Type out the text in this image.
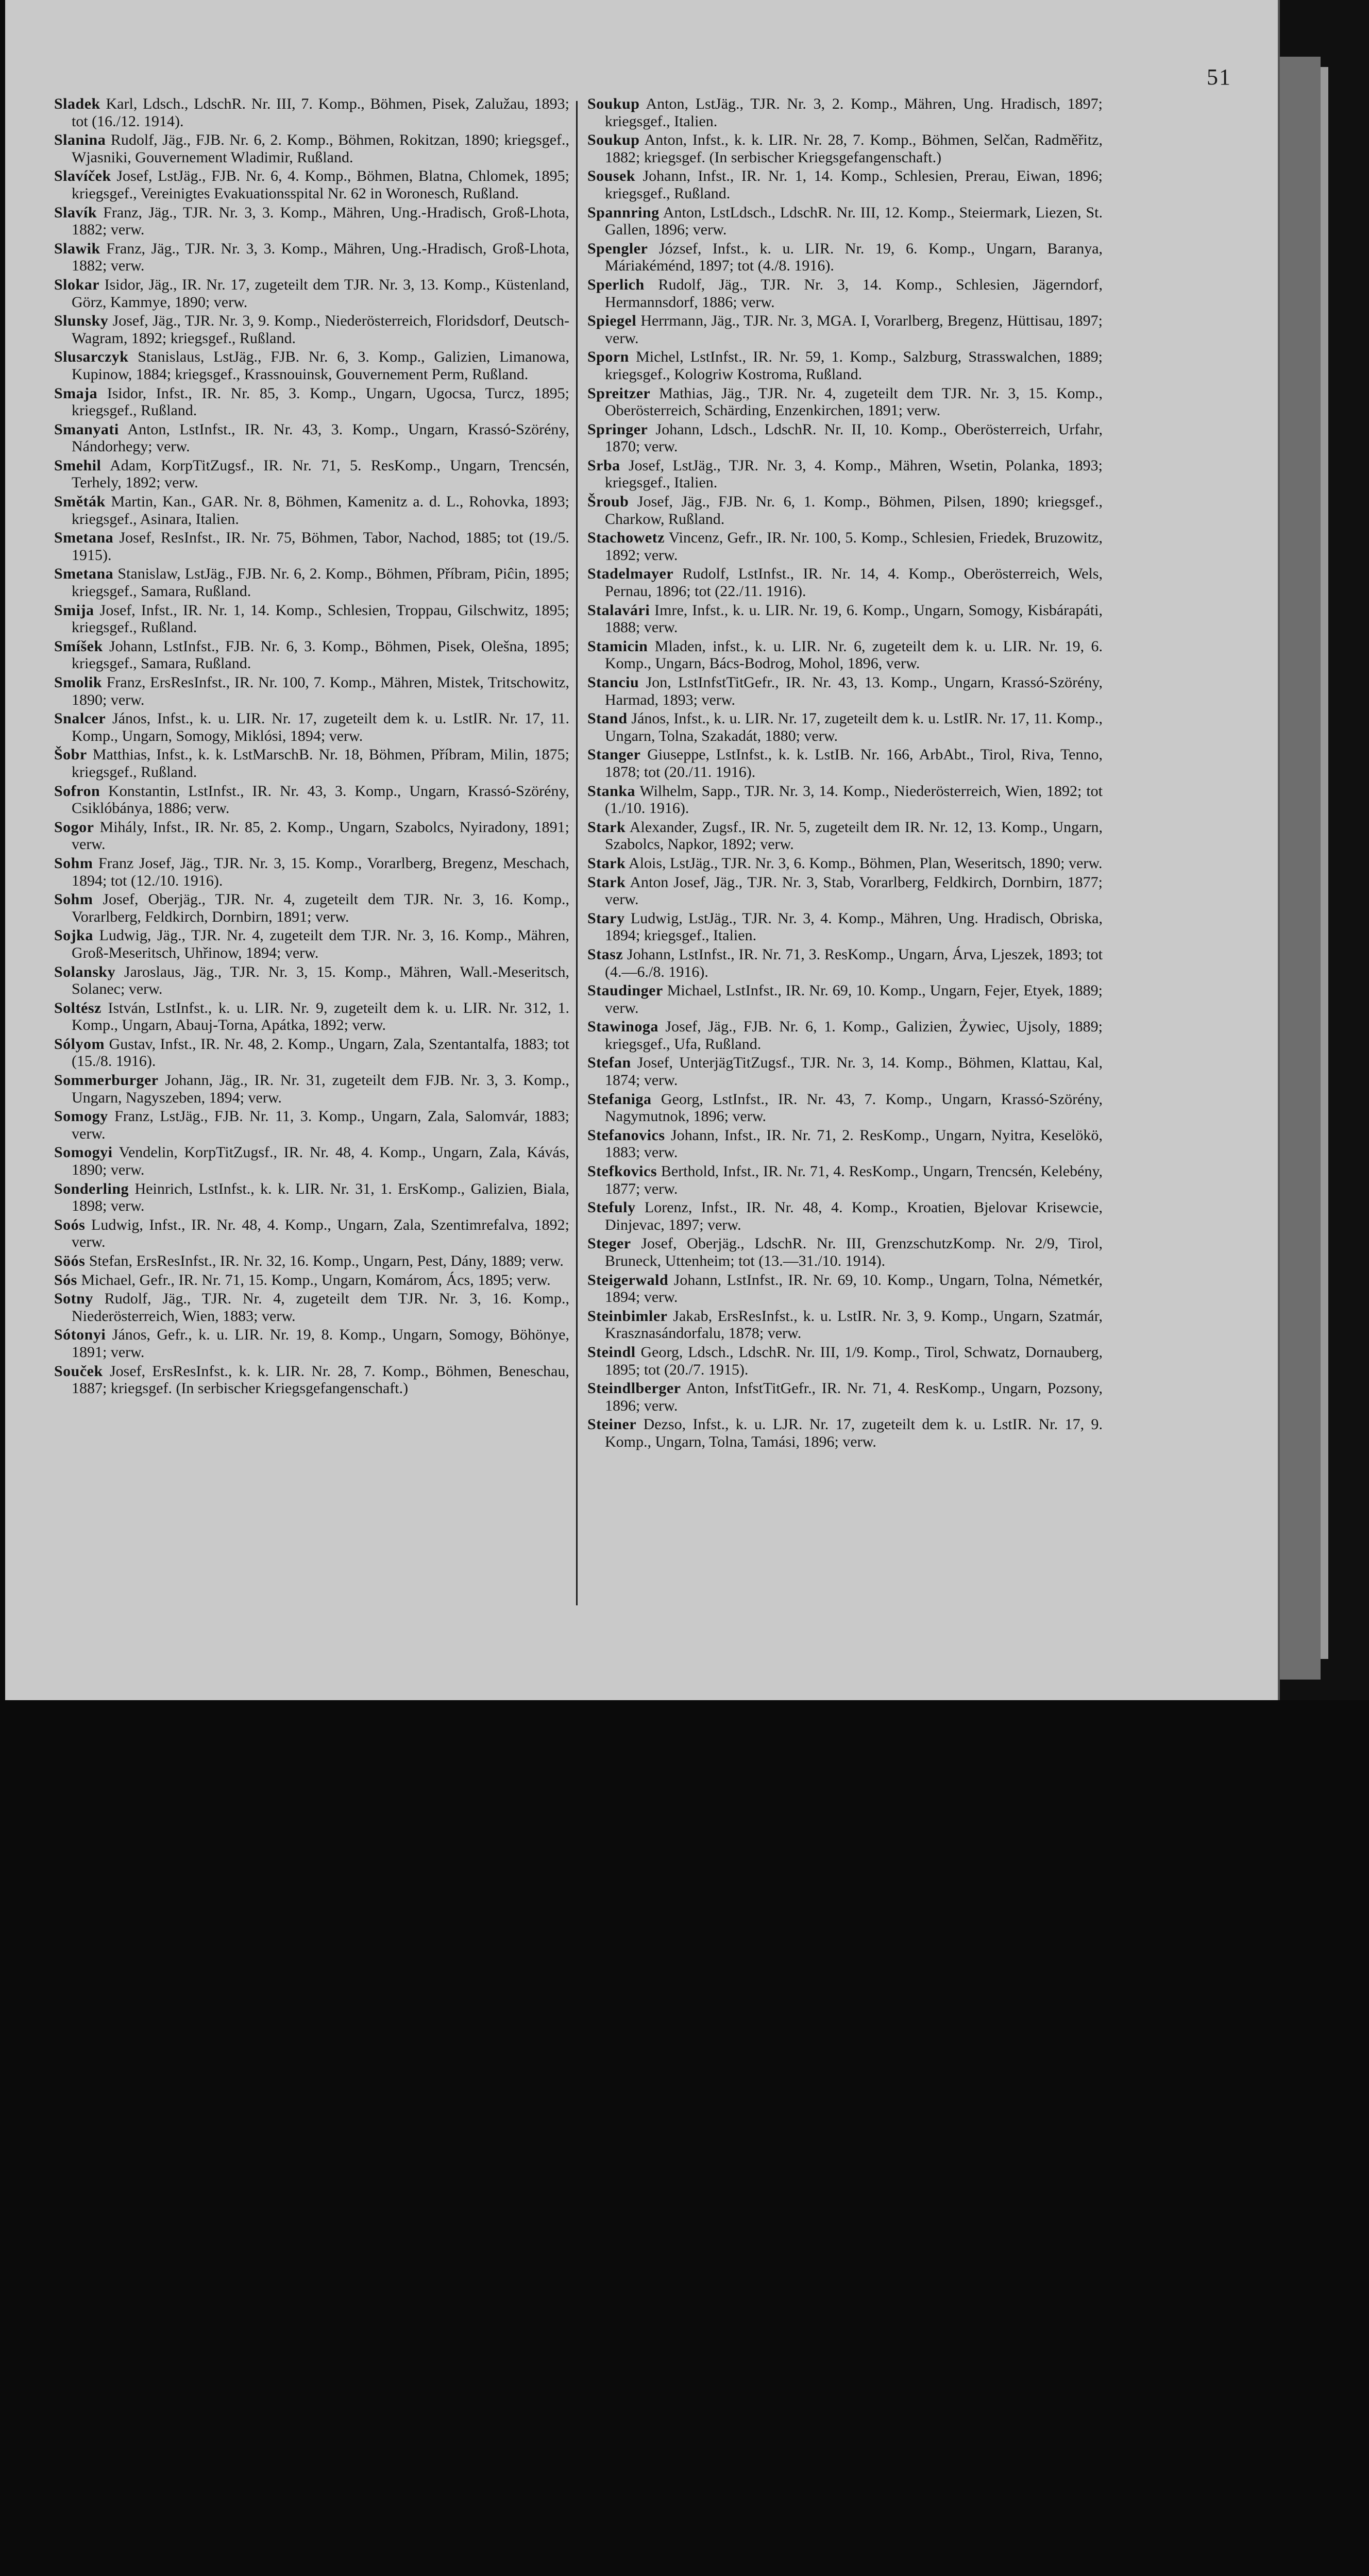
51

Sladek Karl, Ldsch., LdschR. Nr. III, 7. Komp., Böhmen, Pisek, Zalužau, 1893; tot (16./12. 1914).

Slanina Rudolf, Jäg., FJB. Nr. 6, 2. Komp., Böhmen, Rokitzan, 1890; kriegsgef., Wjasniki, Gouvernement Wladimir, Rußland.

Slavíček Josef, LstJäg., FJB. Nr. 6, 4. Komp., Böhmen, Blatna, Chlomek, 1895; kriegsgef., Vereinigtes Evakuationsspital Nr. 62 in Woronesch, Rußland.

Slavík Franz, Jäg., TJR. Nr. 3, 3. Komp., Mähren, Ung.-Hradisch, Groß-Lhota, 1882; verw.

Slawik Franz, Jäg., TJR. Nr. 3, 3. Komp., Mähren, Ung.-Hradisch, Groß-Lhota, 1882; verw.

Slokar Isidor, Jäg., IR. Nr. 17, zugeteilt dem TJR. Nr. 3, 13. Komp., Küstenland, Görz, Kammye, 1890; verw.

Slunsky Josef, Jäg., TJR. Nr. 3, 9. Komp., Niederösterreich, Floridsdorf, Deutsch-Wagram, 1892; kriegsgef., Rußland.

Slusarczyk Stanislaus, LstJäg., FJB. Nr. 6, 3. Komp., Galizien, Limanowa, Kupinow, 1884; kriegsgef., Krassnouinsk, Gouvernement Perm, Rußland.

Smaja Isidor, Infst., IR. Nr. 85, 3. Komp., Ungarn, Ugocsa, Turcz, 1895; kriegsgef., Rußland.

Smanyati Anton, LstInfst., IR. Nr. 43, 3. Komp., Ungarn, Krassó-Szörény, Nándorhegy; verw.

Smehil Adam, KorpTitZugsf., IR. Nr. 71, 5. ResKomp., Ungarn, Trencsén, Terhely, 1892; verw.

Směták Martin, Kan., GAR. Nr. 8, Böhmen, Kamenitz a. d. L., Rohovka, 1893; kriegsgef., Asinara, Italien.

Smetana Josef, ResInfst., IR. Nr. 75, Böhmen, Tabor, Nachod, 1885; tot (19./5. 1915).

Smetana Stanislaw, LstJäg., FJB. Nr. 6, 2. Komp., Böhmen, Příbram, Piĉin, 1895; kriegsgef., Samara, Rußland.

Smija Josef, Infst., IR. Nr. 1, 14. Komp., Schlesien, Troppau, Gilschwitz, 1895; kriegsgef., Rußland.

Smíšek Johann, LstInfst., FJB. Nr. 6, 3. Komp., Böhmen, Pisek, Olešna, 1895; kriegsgef., Samara, Rußland.

Smolik Franz, ErsResInfst., IR. Nr. 100, 7. Komp., Mähren, Mistek, Tritschowitz, 1890; verw.

Snalcer János, Infst., k. u. LIR. Nr. 17, zugeteilt dem k. u. LstIR. Nr. 17, 11. Komp., Ungarn, Somogy, Miklósi, 1894; verw.

Šobr Matthias, Infst., k. k. LstMarschB. Nr. 18, Böhmen, Příbram, Milin, 1875; kriegsgef., Rußland.

Sofron Konstantin, LstInfst., IR. Nr. 43, 3. Komp., Ungarn, Krassó-Szörény, Csiklóbánya, 1886; verw.

Sogor Mihály, Infst., IR. Nr. 85, 2. Komp., Ungarn, Szabolcs, Nyiradony, 1891; verw.

Sohm Franz Josef, Jäg., TJR. Nr. 3, 15. Komp., Vorarlberg, Bregenz, Meschach, 1894; tot (12./10. 1916).

Sohm Josef, Oberjäg., TJR. Nr. 4, zugeteilt dem TJR. Nr. 3, 16. Komp., Vorarlberg, Feldkirch, Dornbirn, 1891; verw.

Sojka Ludwig, Jäg., TJR. Nr. 4, zugeteilt dem TJR. Nr. 3, 16. Komp., Mähren, Groß-Meseritsch, Uhřinow, 1894; verw.

Solansky Jaroslaus, Jäg., TJR. Nr. 3, 15. Komp., Mähren, Wall.-Meseritsch, Solanec; verw.

Soltész István, LstInfst., k. u. LIR. Nr. 9, zugeteilt dem k. u. LIR. Nr. 312, 1. Komp., Ungarn, Abauj-Torna, Apátka, 1892; verw.

Sólyom Gustav, Infst., IR. Nr. 48, 2. Komp., Ungarn, Zala, Szentantalfa, 1883; tot (15./8. 1916).

Sommerburger Johann, Jäg., IR. Nr. 31, zugeteilt dem FJB. Nr. 3, 3. Komp., Ungarn, Nagyszeben, 1894; verw.

Somogy Franz, LstJäg., FJB. Nr. 11, 3. Komp., Ungarn, Zala, Salomvár, 1883; verw.

Somogyi Vendelin, KorpTitZugsf., IR. Nr. 48, 4. Komp., Ungarn, Zala, Kávás, 1890; verw.

Sonderling Heinrich, LstInfst., k. k. LIR. Nr. 31, 1. ErsKomp., Galizien, Biala, 1898; verw.

Soós Ludwig, Infst., IR. Nr. 48, 4. Komp., Ungarn, Zala, Szentimrefalva, 1892; verw.

Söós Stefan, ErsResInfst., IR. Nr. 32, 16. Komp., Ungarn, Pest, Dány, 1889; verw.

Sós Michael, Gefr., IR. Nr. 71, 15. Komp., Ungarn, Komárom, Ács, 1895; verw.

Sotny Rudolf, Jäg., TJR. Nr. 4, zugeteilt dem TJR. Nr. 3, 16. Komp., Niederösterreich, Wien, 1883; verw.

Sótonyi János, Gefr., k. u. LIR. Nr. 19, 8. Komp., Ungarn, Somogy, Böhönye, 1891; verw.

Souček Josef, ErsResInfst., k. k. LIR. Nr. 28, 7. Komp., Böhmen, Beneschau, 1887; kriegsgef. (In serbischer Kriegsgefangenschaft.)

Soukup Anton, LstJäg., TJR. Nr. 3, 2. Komp., Mähren, Ung. Hradisch, 1897; kriegsgef., Italien.

Soukup Anton, Infst., k. k. LIR. Nr. 28, 7. Komp., Böhmen, Selčan, Radměřitz, 1882; kriegsgef. (In serbischer Kriegsgefangenschaft.)

Sousek Johann, Infst., IR. Nr. 1, 14. Komp., Schlesien, Prerau, Eiwan, 1896; kriegsgef., Rußland.

Spannring Anton, LstLdsch., LdschR. Nr. III, 12. Komp., Steiermark, Liezen, St. Gallen, 1896; verw.

Spengler József, Infst., k. u. LIR. Nr. 19, 6. Komp., Ungarn, Baranya, Máriakéménd, 1897; tot (4./8. 1916).

Sperlich Rudolf, Jäg., TJR. Nr. 3, 14. Komp., Schlesien, Jägerndorf, Hermannsdorf, 1886; verw.

Spiegel Herrmann, Jäg., TJR. Nr. 3, MGA. I, Vorarlberg, Bregenz, Hüttisau, 1897; verw.

Sporn Michel, LstInfst., IR. Nr. 59, 1. Komp., Salzburg, Strasswalchen, 1889; kriegsgef., Kologriw Kostroma, Rußland.

Spreitzer Mathias, Jäg., TJR. Nr. 4, zugeteilt dem TJR. Nr. 3, 15. Komp., Oberösterreich, Schärding, Enzenkirchen, 1891; verw.

Springer Johann, Ldsch., LdschR. Nr. II, 10. Komp., Oberösterreich, Urfahr, 1870; verw.

Srba Josef, LstJäg., TJR. Nr. 3, 4. Komp., Mähren, Wsetin, Polanka, 1893; kriegsgef., Italien.

Šroub Josef, Jäg., FJB. Nr. 6, 1. Komp., Böhmen, Pilsen, 1890; kriegsgef., Charkow, Rußland.

Stachowetz Vincenz, Gefr., IR. Nr. 100, 5. Komp., Schlesien, Friedek, Bruzowitz, 1892; verw.

Stadelmayer Rudolf, LstInfst., IR. Nr. 14, 4. Komp., Oberösterreich, Wels, Pernau, 1896; tot (22./11. 1916).

Stalavári Imre, Infst., k. u. LIR. Nr. 19, 6. Komp., Ungarn, Somogy, Kisbárapáti, 1888; verw.

Stamicin Mladen, infst., k. u. LIR. Nr. 6, zugeteilt dem k. u. LIR. Nr. 19, 6. Komp., Ungarn, Bács-Bodrog, Mohol, 1896, verw.

Stanciu Jon, LstInfstTitGefr., IR. Nr. 43, 13. Komp., Ungarn, Krassó-Szörény, Harmad, 1893; verw.

Stand János, Infst., k. u. LIR. Nr. 17, zugeteilt dem k. u. LstIR. Nr. 17, 11. Komp., Ungarn, Tolna, Szakadát, 1880; verw.

Stanger Giuseppe, LstInfst., k. k. LstIB. Nr. 166, ArbAbt., Tirol, Riva, Tenno, 1878; tot (20./11. 1916).

Stanka Wilhelm, Sapp., TJR. Nr. 3, 14. Komp., Niederösterreich, Wien, 1892; tot (1./10. 1916).

Stark Alexander, Zugsf., IR. Nr. 5, zugeteilt dem IR. Nr. 12, 13. Komp., Ungarn, Szabolcs, Napkor, 1892; verw.

Stark Alois, LstJäg., TJR. Nr. 3, 6. Komp., Böhmen, Plan, Weseritsch, 1890; verw.

Stark Anton Josef, Jäg., TJR. Nr. 3, Stab, Vorarlberg, Feldkirch, Dornbirn, 1877; verw.

Stary Ludwig, LstJäg., TJR. Nr. 3, 4. Komp., Mähren, Ung. Hradisch, Obriska, 1894; kriegsgef., Italien.

Stasz Johann, LstInfst., IR. Nr. 71, 3. ResKomp., Ungarn, Árva, Ljeszek, 1893; tot (4.—6./8. 1916).

Staudinger Michael, LstInfst., IR. Nr. 69, 10. Komp., Ungarn, Fejer, Etyek, 1889; verw.

Stawinoga Josef, Jäg., FJB. Nr. 6, 1. Komp., Galizien, Żywiec, Ujsoly, 1889; kriegsgef., Ufa, Rußland.

Stefan Josef, UnterjägTitZugsf., TJR. Nr. 3, 14. Komp., Böhmen, Klattau, Kal, 1874; verw.

Stefaniga Georg, LstInfst., IR. Nr. 43, 7. Komp., Ungarn, Krassó-Szörény, Nagymutnok, 1896; verw.

Stefanovics Johann, Infst., IR. Nr. 71, 2. ResKomp., Ungarn, Nyitra, Keselökö, 1883; verw.

Stefkovics Berthold, Infst., IR. Nr. 71, 4. ResKomp., Ungarn, Trencsén, Kelebény, 1877; verw.

Stefuly Lorenz, Infst., IR. Nr. 48, 4. Komp., Kroatien, Bjelovar Krisewcie, Dinjevac, 1897; verw.

Steger Josef, Oberjäg., LdschR. Nr. III, GrenzschutzKomp. Nr. 2/9, Tirol, Bruneck, Uttenheim; tot (13.—31./10. 1914).

Steigerwald Johann, LstInfst., IR. Nr. 69, 10. Komp., Ungarn, Tolna, Németkér, 1894; verw.

Steinbimler Jakab, ErsResInfst., k. u. LstIR. Nr. 3, 9. Komp., Ungarn, Szatmár, Krasznasándorfalu, 1878; verw.

Steindl Georg, Ldsch., LdschR. Nr. III, 1/9. Komp., Tirol, Schwatz, Dornauberg, 1895; tot (20./7. 1915).

Steindlberger Anton, InfstTitGefr., IR. Nr. 71, 4. ResKomp., Ungarn, Pozsony, 1896; verw.

Steiner Dezso, Infst., k. u. LJR. Nr. 17, zugeteilt dem k. u. LstIR. Nr. 17, 9. Komp., Ungarn, Tolna, Tamási, 1896; verw.
